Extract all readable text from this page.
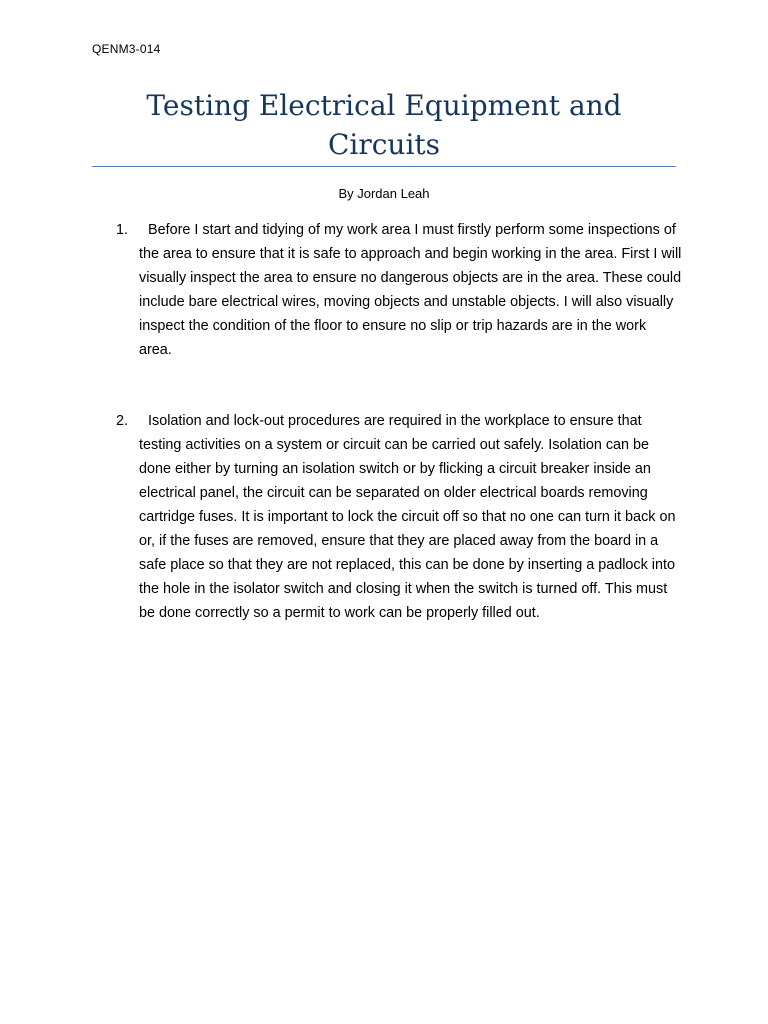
QENM3-014
Testing Electrical Equipment and Circuits
By Jordan Leah
1.	Before I start and tidying of my work area I must firstly perform some inspections of the area to ensure that it is safe to approach and begin working in the area. First I will visually inspect the area to ensure no dangerous objects are in the area. These could include bare electrical wires, moving objects and unstable objects. I will also visually inspect the condition of the floor to ensure no slip or trip hazards are in the work area.
2.	Isolation and lock-out procedures are required in the workplace to ensure that testing activities on a system or circuit can be carried out safely. Isolation can be done either by turning an isolation switch or by flicking a circuit breaker inside an electrical panel, the circuit can be separated on older electrical boards removing cartridge fuses. It is important to lock the circuit off so that no one can turn it back on or, if the fuses are removed, ensure that they are placed away from the board in a safe place so that they are not replaced, this can be done by inserting a padlock into the hole in the isolator switch and closing it when the switch is turned off. This must be done correctly so a permit to work can be properly filled out.
